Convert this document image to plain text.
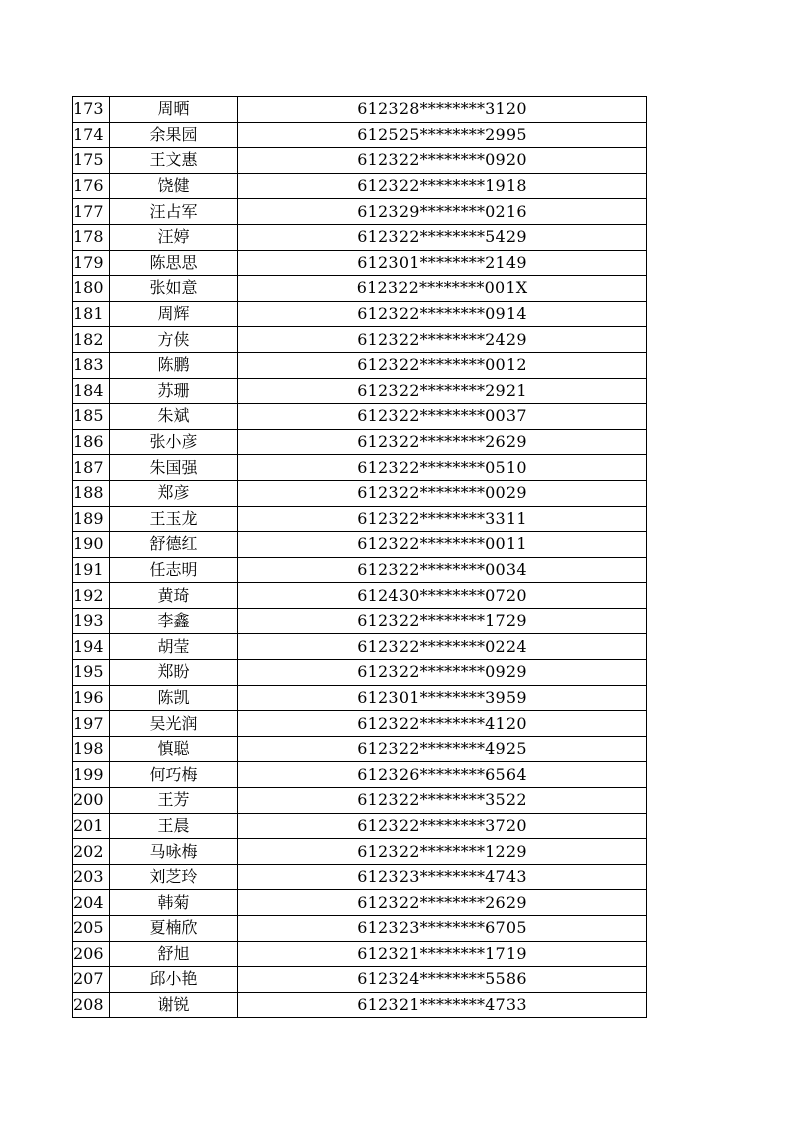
173	周晒	612328********3120
174	余果园	612525********2995
175	王文惠	612322********0920
176	饶健	612322********1918
177	汪占军	612329********0216
178	汪婷	612322********5429
179	陈思思	612301********2149
180	张如意	612322********001X
181	周辉	612322********0914
182	方侠	612322********2429
183	陈鹏	612322********0012
184	苏珊	612322********2921
185	朱斌	612322********0037
186	张小彦	612322********2629
187	朱国强	612322********0510
188	郑彦	612322********0029
189	王玉龙	612322********3311
190	舒德红	612322********0011
191	任志明	612322********0034
192	黄琦	612430********0720
193	李鑫	612322********1729
194	胡莹	612322********0224
195	郑盼	612322********0929
196	陈凯	612301********3959
197	吴光润	612322********4120
198	慎聪	612322********4925
199	何巧梅	612326********6564
200	王芳	612322********3522
201	王晨	612322********3720
202	马咏梅	612322********1229
203	刘芝玲	612323********4743
204	韩菊	612322********2629
205	夏楠欣	612323********6705
206	舒旭	612321********1719
207	邱小艳	612324********5586
208	谢锐	612321********4733
